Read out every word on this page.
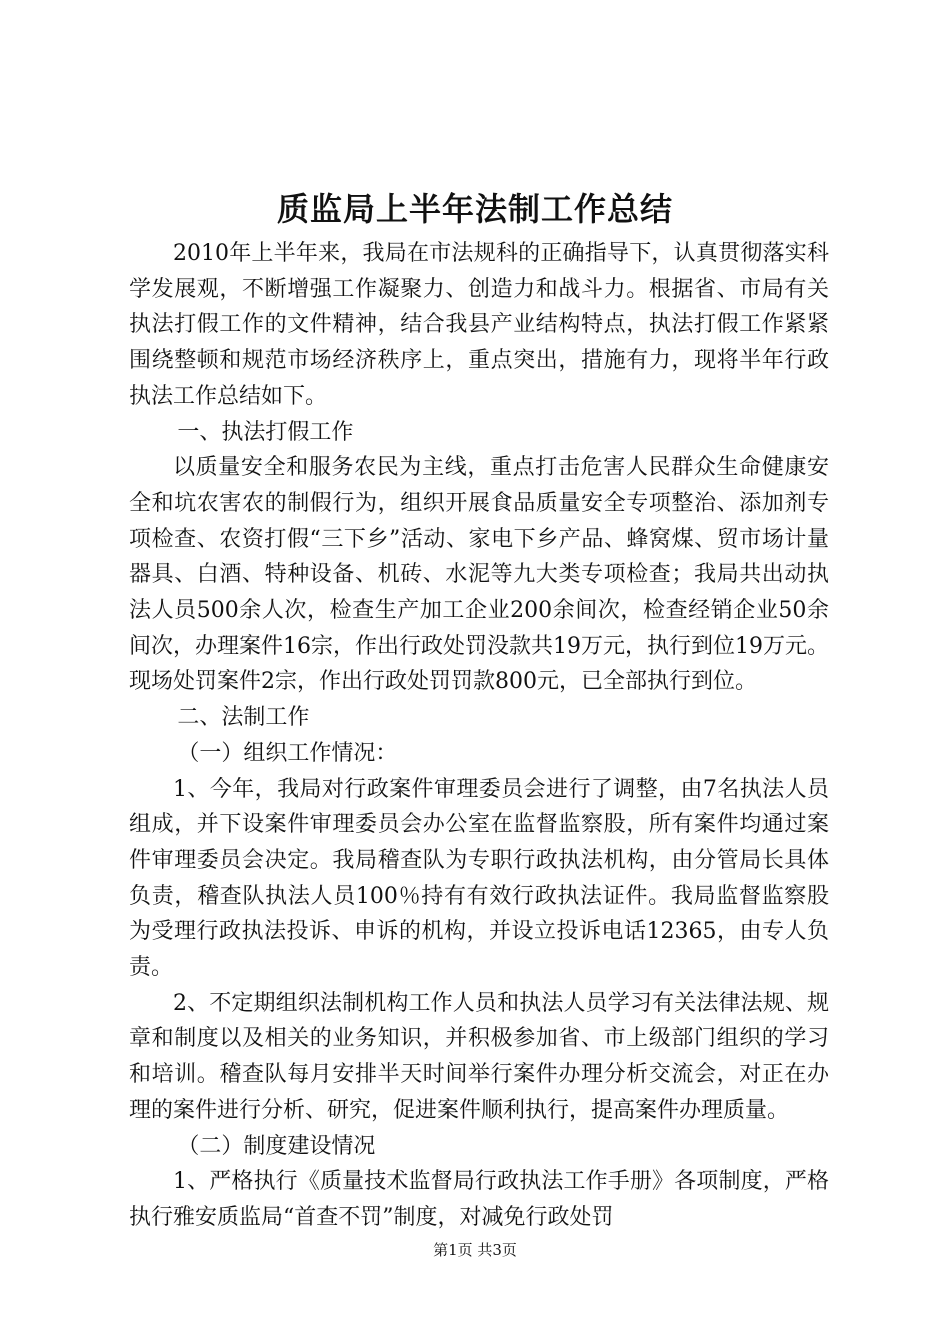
质监局上半年法制工作总结

2010年上半年来，我局在市法规科的正确指导下，认真贯彻落实科学发展观，不断增强工作凝聚力、创造力和战斗力。根据省、市局有关执法打假工作的文件精神，结合我县产业结构特点，执法打假工作紧紧围绕整顿和规范市场经济秩序上，重点突出，措施有力，现将半年行政执法工作总结如下。

一、执法打假工作

以质量安全和服务农民为主线，重点打击危害人民群众生命健康安全和坑农害农的制假行为，组织开展食品质量安全专项整治、添加剂专项检查、农资打假“三下乡”活动、家电下乡产品、蜂窝煤、贸市场计量器具、白酒、特种设备、机砖、水泥等九大类专项检查；我局共出动执法人员500余人次，检查生产加工企业200余间次，检查经销企业50余间次，办理案件16宗，作出行政处罚没款共19万元，执行到位19万元。现场处罚案件2宗，作出行政处罚罚款800元，已全部执行到位。

二、法制工作

（一）组织工作情况：

1、今年，我局对行政案件审理委员会进行了调整，由7名执法人员组成，并下设案件审理委员会办公室在监督监察股，所有案件均通过案件审理委员会决定。我局稽查队为专职行政执法机构，由分管局长具体负责，稽查队执法人员100％持有有效行政执法证件。我局监督监察股为受理行政执法投诉、申诉的机构，并设立投诉电话12365，由专人负责。

2、不定期组织法制机构工作人员和执法人员学习有关法律法规、规章和制度以及相关的业务知识，并积极参加省、市上级部门组织的学习和培训。稽查队每月安排半天时间举行案件办理分析交流会，对正在办理的案件进行分析、研究，促进案件顺利执行，提高案件办理质量。

（二）制度建设情况

1、严格执行《质量技术监督局行政执法工作手册》各项制度，严格执行雅安质监局“首查不罚”制度，对减免行政处罚

第1页 共3页
